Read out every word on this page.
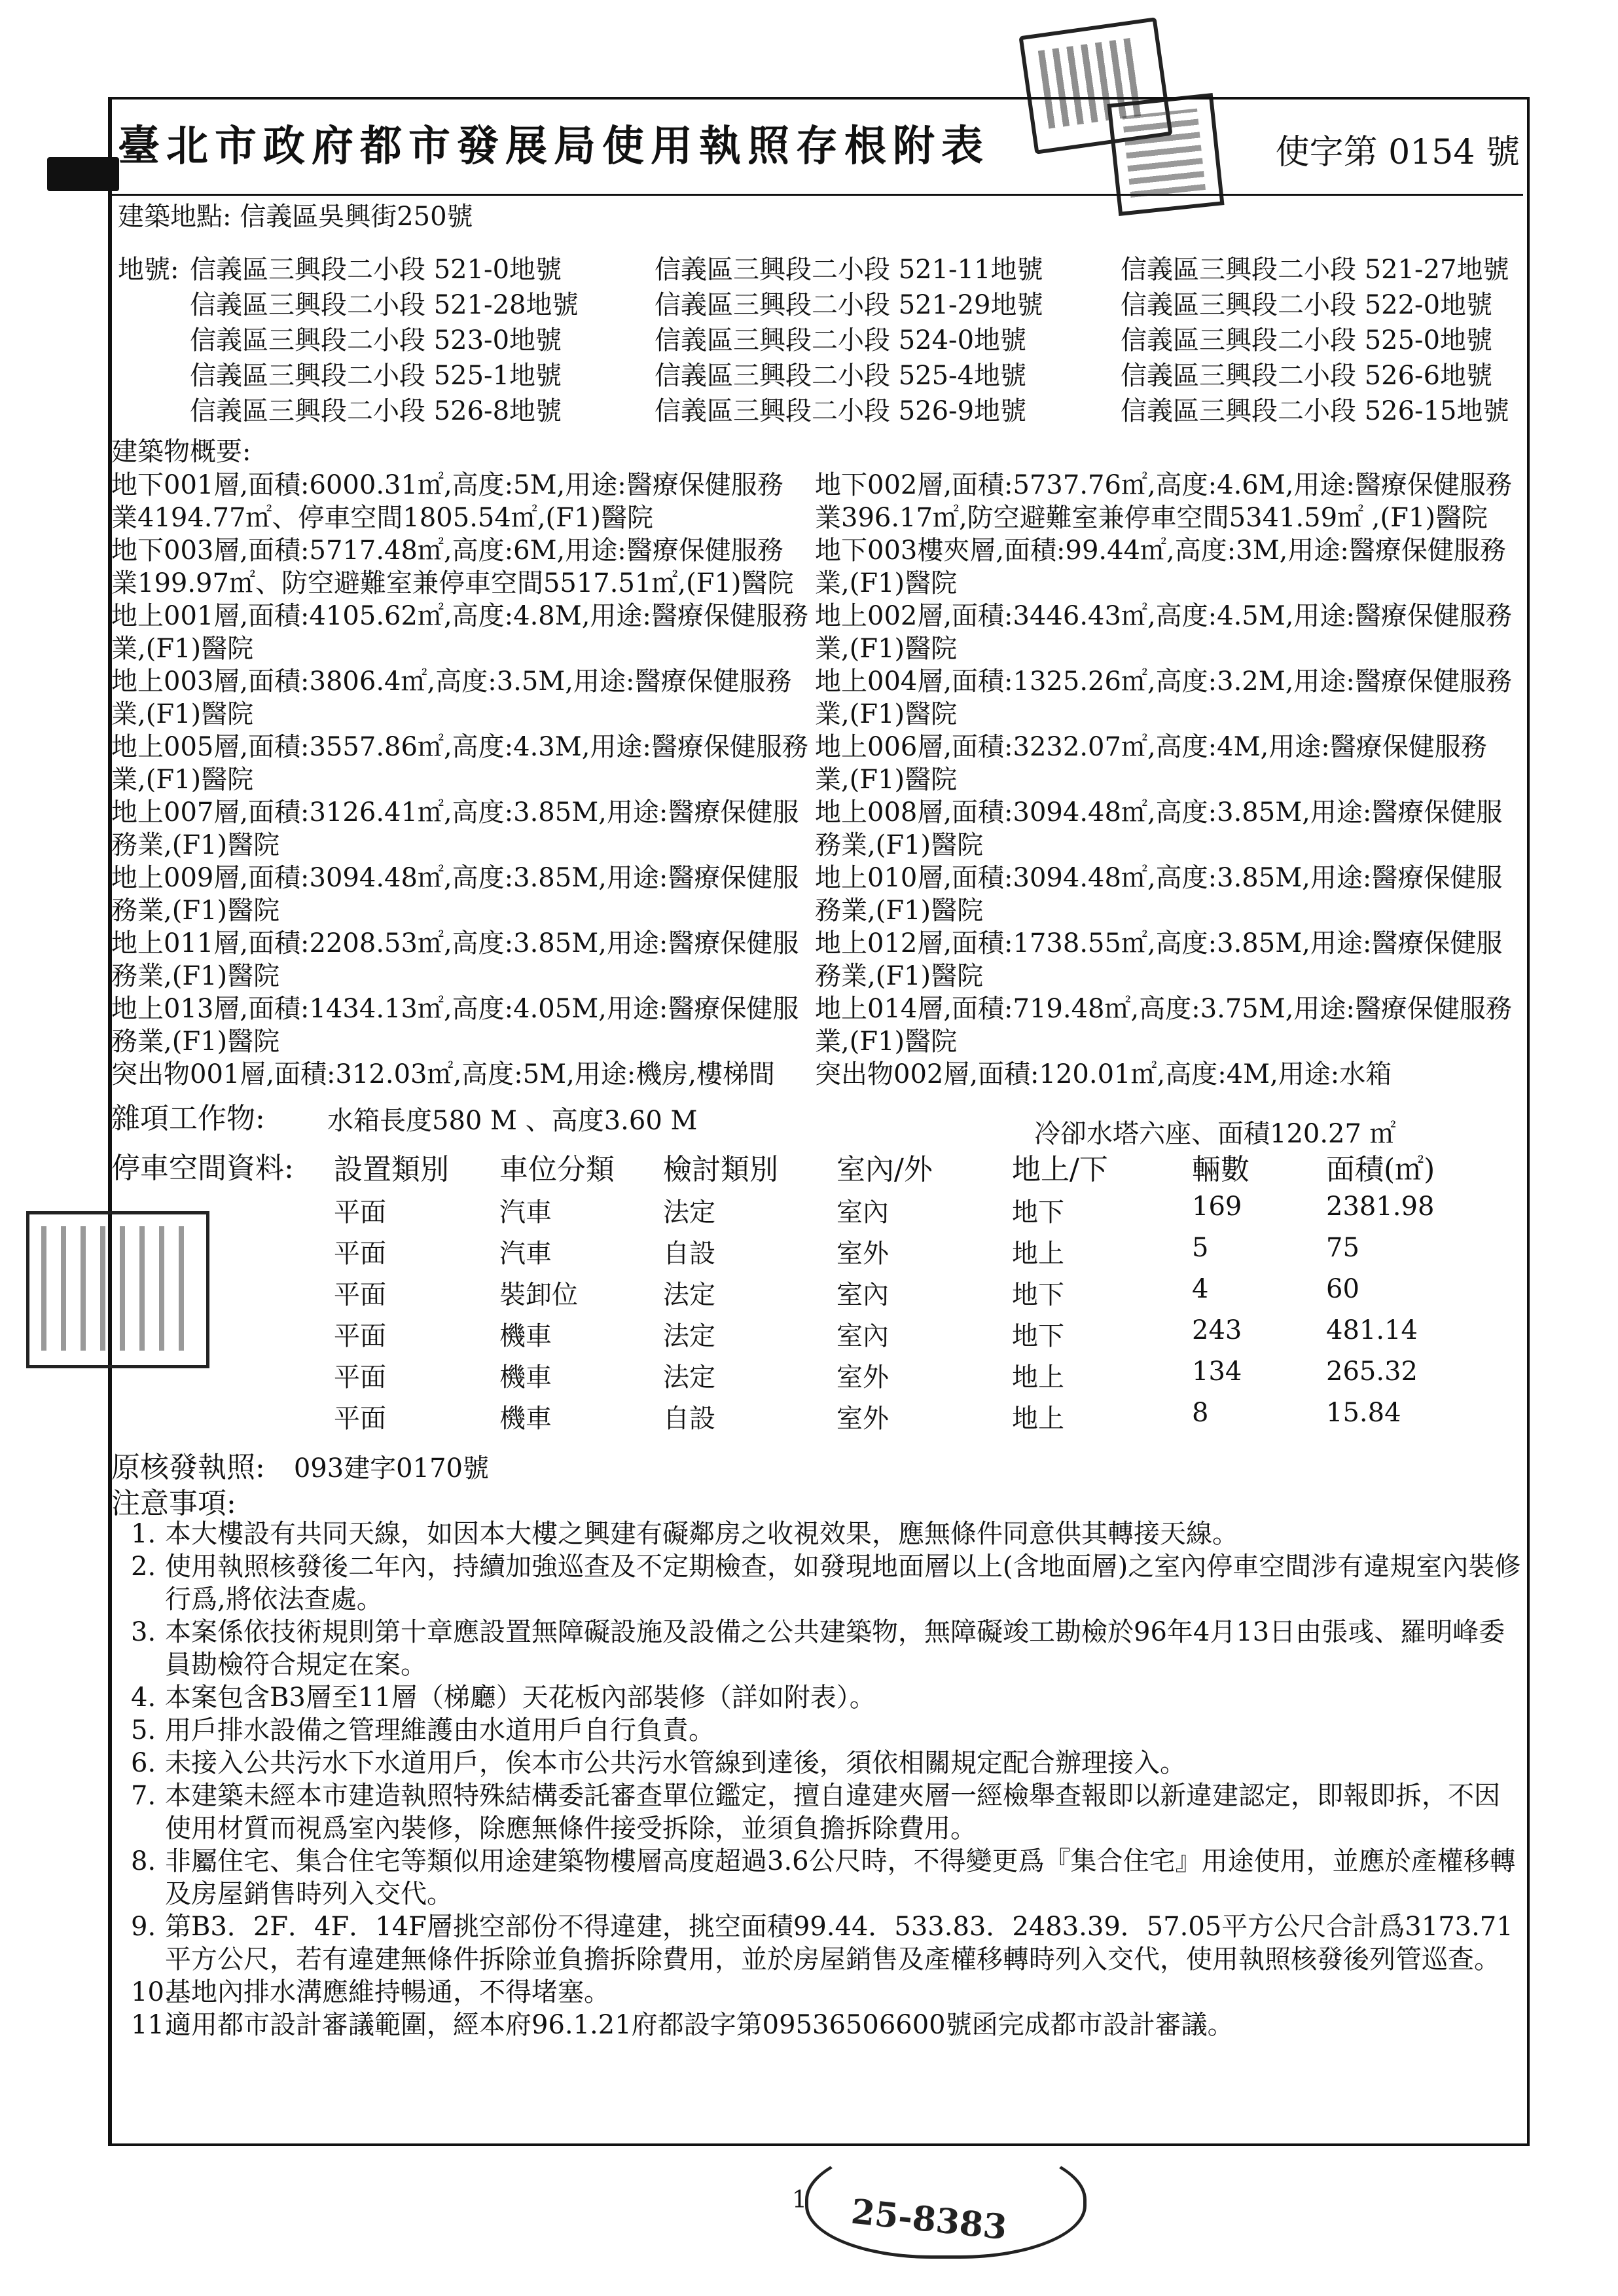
臺北市政府都市發展局使用執照存根附表	使字第 0154 號
建築地點: 信義區吳興街250號
地號: 信義區三興段二小段 521-0地號	信義區三興段二小段 521-11地號	信義區三興段二小段 521-27地號
信義區三興段二小段 521-28地號	信義區三興段二小段 521-29地號	信義區三興段二小段 522-0地號
信義區三興段二小段 523-0地號	信義區三興段二小段 524-0地號	信義區三興段二小段 525-0地號
信義區三興段二小段 525-1地號	信義區三興段二小段 525-4地號	信義區三興段二小段 526-6地號
信義區三興段二小段 526-8地號	信義區三興段二小段 526-9地號	信義區三興段二小段 526-15地號
建築物概要:
地下001層,面積:6000.31㎡,高度:5M,用途:醫療保健服務業4194.77㎡、停車空間1805.54㎡,(F1)醫院
地下002層,面積:5737.76㎡,高度:4.6M,用途:醫療保健服務業396.17㎡,防空避難室兼停車空間5341.59㎡ ,(F1)醫院
地下003層,面積:5717.48㎡,高度:6M,用途:醫療保健服務業199.97㎡、防空避難室兼停車空間5517.51㎡,(F1)醫院
地下003樓夾層,面積:99.44㎡,高度:3M,用途:醫療保健服務業,(F1)醫院
地上001層,面積:4105.62㎡,高度:4.8M,用途:醫療保健服務業,(F1)醫院
地上002層,面積:3446.43㎡,高度:4.5M,用途:醫療保健服務業,(F1)醫院
地上003層,面積:3806.4㎡,高度:3.5M,用途:醫療保健服務業,(F1)醫院
地上004層,面積:1325.26㎡,高度:3.2M,用途:醫療保健服務業,(F1)醫院
地上005層,面積:3557.86㎡,高度:4.3M,用途:醫療保健服務業,(F1)醫院
地上006層,面積:3232.07㎡,高度:4M,用途:醫療保健服務業,(F1)醫院
地上007層,面積:3126.41㎡,高度:3.85M,用途:醫療保健服務業,(F1)醫院
地上008層,面積:3094.48㎡,高度:3.85M,用途:醫療保健服務業,(F1)醫院
地上009層,面積:3094.48㎡,高度:3.85M,用途:醫療保健服務業,(F1)醫院
地上010層,面積:3094.48㎡,高度:3.85M,用途:醫療保健服務業,(F1)醫院
地上011層,面積:2208.53㎡,高度:3.85M,用途:醫療保健服務業,(F1)醫院
地上012層,面積:1738.55㎡,高度:3.85M,用途:醫療保健服務業,(F1)醫院
地上013層,面積:1434.13㎡,高度:4.05M,用途:醫療保健服務業,(F1)醫院
地上014層,面積:719.48㎡,高度:3.75M,用途:醫療保健服務業,(F1)醫院
突出物001層,面積:312.03㎡,高度:5M,用途:機房,樓梯間	突出物002層,面積:120.01㎡,高度:4M,用途:水箱
雜項工作物: 水箱長度580 M 、高度3.60 M	冷卻水塔六座、面積120.27 ㎡
停車空間資料: 設置類別	車位分類	檢討類別	室內/外	地上/下	輛數	面積(㎡)
平面	汽車	法定	室內	地下	169	2381.98
平面	汽車	自設	室外	地上	5	75
平面	裝卸位	法定	室內	地下	4	60
平面	機車	法定	室內	地下	243	481.14
平面	機車	法定	室外	地上	134	265.32
平面	機車	自設	室外	地上	8	15.84
原核發執照: 093建字0170號
注意事項:
1. 本大樓設有共同天線，如因本大樓之興建有礙鄰房之收視效果，應無條件同意供其轉接天線。
2. 使用執照核發後二年內，持續加強巡查及不定期檢查，如發現地面層以上(含地面層)之室內停車空間涉有違規室內裝修行爲,將依法查處。
3. 本案係依技術規則第十章應設置無障礙設施及設備之公共建築物，無障礙竣工勘檢於96年4月13日由張彧、羅明峰委員勘檢符合規定在案。
4. 本案包含B3層至11層（梯廳）天花板內部裝修（詳如附表）。
5. 用戶排水設備之管理維護由水道用戶自行負責。
6. 未接入公共污水下水道用戶，俟本市公共污水管線到達後，須依相關規定配合辦理接入。
7. 本建築未經本市建造執照特殊結構委託審查單位鑑定，擅自違建夾層一經檢舉查報即以新違建認定，即報即拆，不因使用材質而視爲室內裝修，除應無條件接受拆除，並須負擔拆除費用。
8. 非屬住宅、集合住宅等類似用途建築物樓層高度超過3.6公尺時，不得變更爲『集合住宅』用途使用，並應於產權移轉及房屋銷售時列入交代。
9. 第B3．2F．4F．14F層挑空部份不得違建，挑空面積99.44．533.83．2483.39．57.05平方公尺合計爲3173.71平方公尺，若有違建無條件拆除並負擔拆除費用，並於房屋銷售及產權移轉時列入交代，使用執照核發後列管巡查。
10.
基地內排水溝應維持暢通，不得堵塞。
11.
適用都市設計審議範圍，經本府96.1.21府都設字第09536506600號函完成都市設計審議。
1 25-8383
